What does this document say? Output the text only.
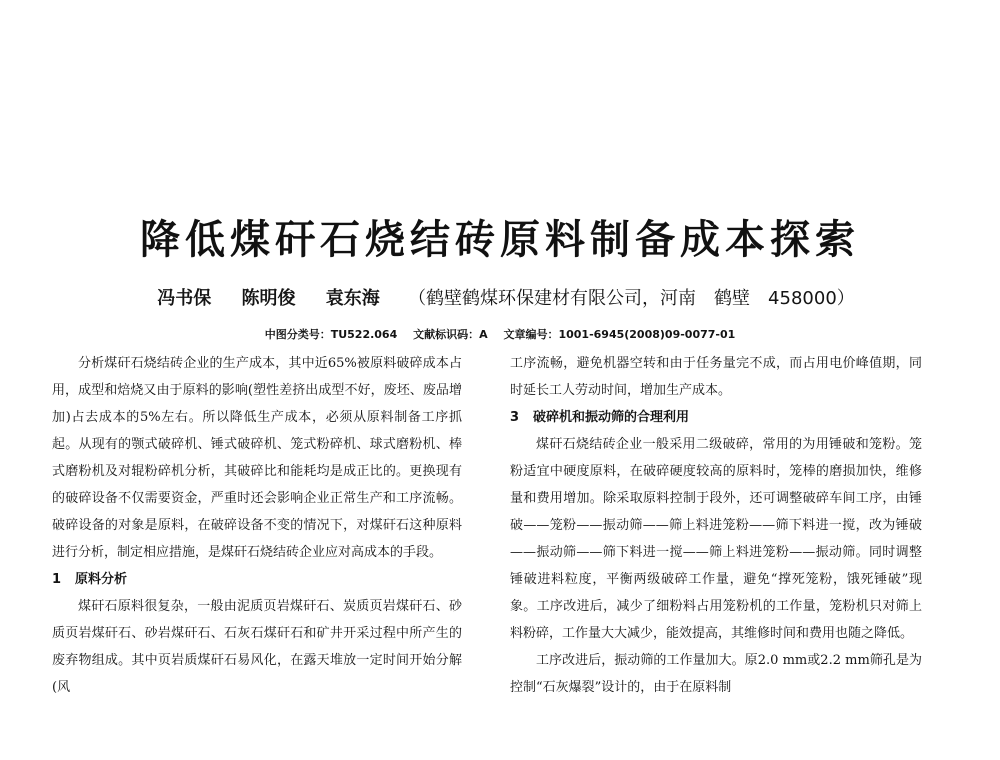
降低煤矸石烧结砖原料制备成本探索
冯书保 陈明俊 袁东海 （鹤壁鹤煤环保建材有限公司，河南　鹤壁　458000）
中图分类号：TU522.064 文献标识码：A 文章编号：1001-6945(2008)09-0077-01

分析煤矸石烧结砖企业的生产成本，其中近65%被原料破碎成本占用，成型和焙烧又由于原料的影响(塑性差挤出成型不好，废坯、废品增加)占去成本的5%左右。所以降低生产成本，必须从原料制备工序抓起。从现有的颚式破碎机、锤式破碎机、笼式粉碎机、球式磨粉机、棒式磨粉机及对辊粉碎机分析，其破碎比和能耗均是成正比的。更换现有的破碎设备不仅需要资金，严重时还会影响企业正常生产和工序流畅。破碎设备的对象是原料，在破碎设备不变的情况下，对煤矸石这种原料进行分析，制定相应措施，是煤矸石烧结砖企业应对高成本的手段。

1 原料分析

煤矸石原料很复杂，一般由泥质页岩煤矸石、炭质页岩煤矸石、砂质页岩煤矸石、砂岩煤矸石、石灰石煤矸石和矿井开采过程中所产生的废弃物组成。其中页岩质煤矸石易风化，在露天堆放一定时间开始分解(风

工序流畅，避免机器空转和由于任务量完不成，而占用电价峰值期，同时延长工人劳动时间，增加生产成本。

3 破碎机和振动筛的合理利用

煤矸石烧结砖企业一般采用二级破碎，常用的为用锤破和笼粉。笼粉适宜中硬度原料，在破碎硬度较高的原料时，笼棒的磨损加快，维修量和费用增加。除采取原料控制于段外，还可调整破碎车间工序，由锤破——笼粉——振动筛——筛上料进笼粉——筛下料进一搅，改为锤破——振动筛——筛下料进一搅——筛上料进笼粉——振动筛。同时调整锤破进料粒度，平衡两级破碎工作量，避免“撑死笼粉，饿死锤破”现象。工序改进后，减少了细粉料占用笼粉机的工作量，笼粉机只对筛上料粉碎，工作量大大减少，能效提高，其维修时间和费用也随之降低。

工序改进后，振动筛的工作量加大。原2.0 mm或2.2 mm筛孔是为控制“石灰爆裂”设计的，由于在原料制
